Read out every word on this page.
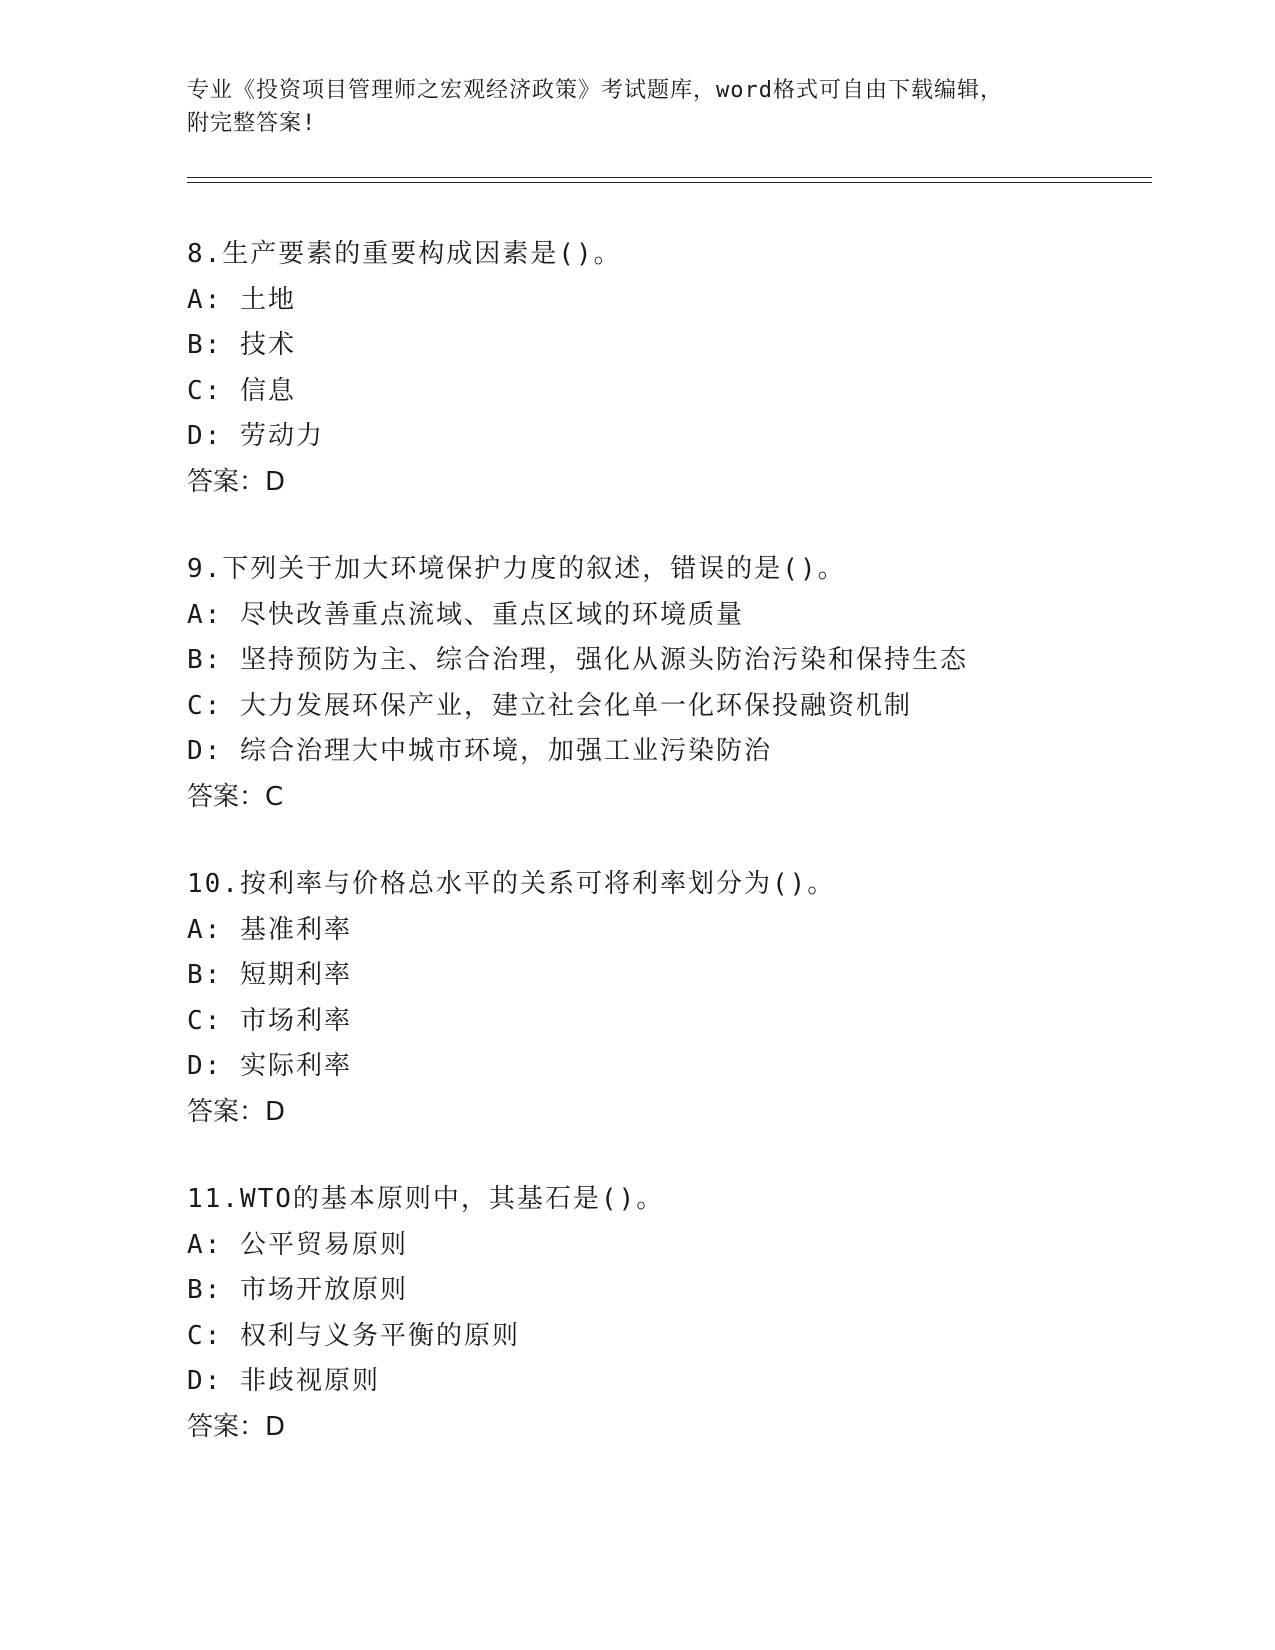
专业《投资项目管理师之宏观经济政策》考试题库，word格式可自由下载编辑，
附完整答案!
8.生产要素的重要构成因素是()。
A: 土地
B: 技术
C: 信息
D: 劳动力
答案：D
9.下列关于加大环境保护力度的叙述，错误的是()。
A: 尽快改善重点流域、重点区域的环境质量
B: 坚持预防为主、综合治理，强化从源头防治污染和保持生态
C: 大力发展环保产业，建立社会化单一化环保投融资机制
D: 综合治理大中城市环境，加强工业污染防治
答案：C
10.按利率与价格总水平的关系可将利率划分为()。
A: 基准利率
B: 短期利率
C: 市场利率
D: 实际利率
答案：D
11.WTO的基本原则中，其基石是()。
A: 公平贸易原则
B: 市场开放原则
C: 权利与义务平衡的原则
D: 非歧视原则
答案：D
